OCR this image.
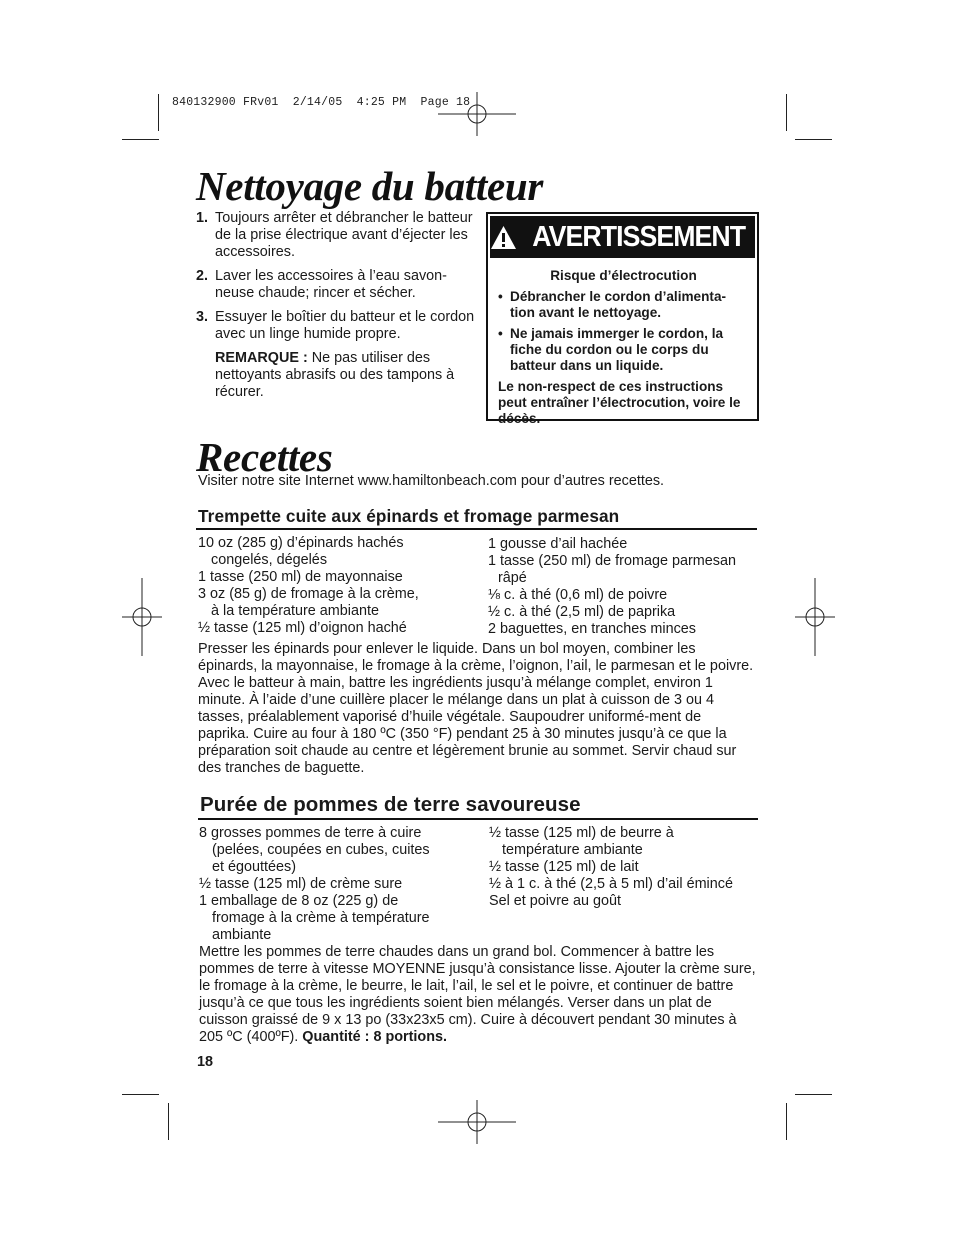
840132900 FRv01  2/14/05  4:25 PM  Page 18
Nettoyage du batteur
1. Toujours arrêter et débrancher le batteur de la prise électrique avant d’éjecter les accessoires.
2. Laver les accessoires à l’eau savon-neuse chaude; rincer et sécher.
3. Essuyer le boîtier du batteur et le cordon avec un linge humide propre.
REMARQUE : Ne pas utiliser des nettoyants abrasifs ou des tampons à récurer.
AVERTISSEMENT
Risque d’électrocution
• Débrancher le cordon d’alimenta-tion avant le nettoyage.
• Ne jamais immerger le cordon, la fiche du cordon ou le corps du batteur dans un liquide.
Le non-respect de ces instructions peut entraîner l’électrocution, voire le décès.
Recettes
Visiter notre site Internet www.hamiltonbeach.com pour d’autres recettes.
Trempette cuite aux épinards et fromage parmesan
10 oz (285 g) d’épinards hachés
congelés, dégelés
1 tasse (250 ml) de mayonnaise
3 oz (85 g) de fromage à la crème,
à la température ambiante
½ tasse (125 ml) d’oignon haché
1 gousse d’ail hachée
1 tasse (250 ml) de fromage parmesan
râpé
⅛ c. à thé (0,6 ml) de poivre
½ c. à thé (2,5 ml) de paprika
2 baguettes, en tranches minces
Presser les épinards pour enlever le liquide. Dans un bol moyen, combiner les épinards, la mayonnaise, le fromage à la crème, l’oignon, l’ail, le parmesan et le poivre. Avec le batteur à main, battre les ingrédients jusqu’à mélange complet, environ 1 minute. À l’aide d’une cuillère placer le mélange dans un plat à cuisson de 3 ou 4 tasses, préalablement vaporisé d’huile végétale. Saupoudrer uniformé-ment de paprika. Cuire au four à 180 ºC (350 °F) pendant 25 à 30 minutes jusqu’à ce que la préparation soit chaude au centre et légèrement brunie au sommet. Servir chaud sur des tranches de baguette.
Purée de pommes de terre savoureuse
8 grosses pommes de terre à cuire
(pelées, coupées en cubes, cuites
et égouttées)
½ tasse (125 ml) de crème sure
1 emballage de 8 oz (225 g) de
fromage à la crème à température
ambiante
½ tasse (125 ml) de beurre à
température ambiante
½ tasse (125 ml) de lait
½ à 1 c. à thé (2,5 à 5 ml) d’ail émincé
Sel et poivre au goût
Mettre les pommes de terre chaudes dans un grand bol. Commencer à battre les pommes de terre à vitesse MOYENNE jusqu’à consistance lisse. Ajouter la crème sure, le fromage à la crème, le beurre, le lait, l’ail, le sel et le poivre, et continuer de battre jusqu’à ce que tous les ingrédients soient bien mélangés. Verser dans un plat de cuisson graissé de 9 x 13 po (33x23x5 cm). Cuire à découvert pendant 30 minutes à 205 ºC (400ºF). Quantité : 8 portions.
18
